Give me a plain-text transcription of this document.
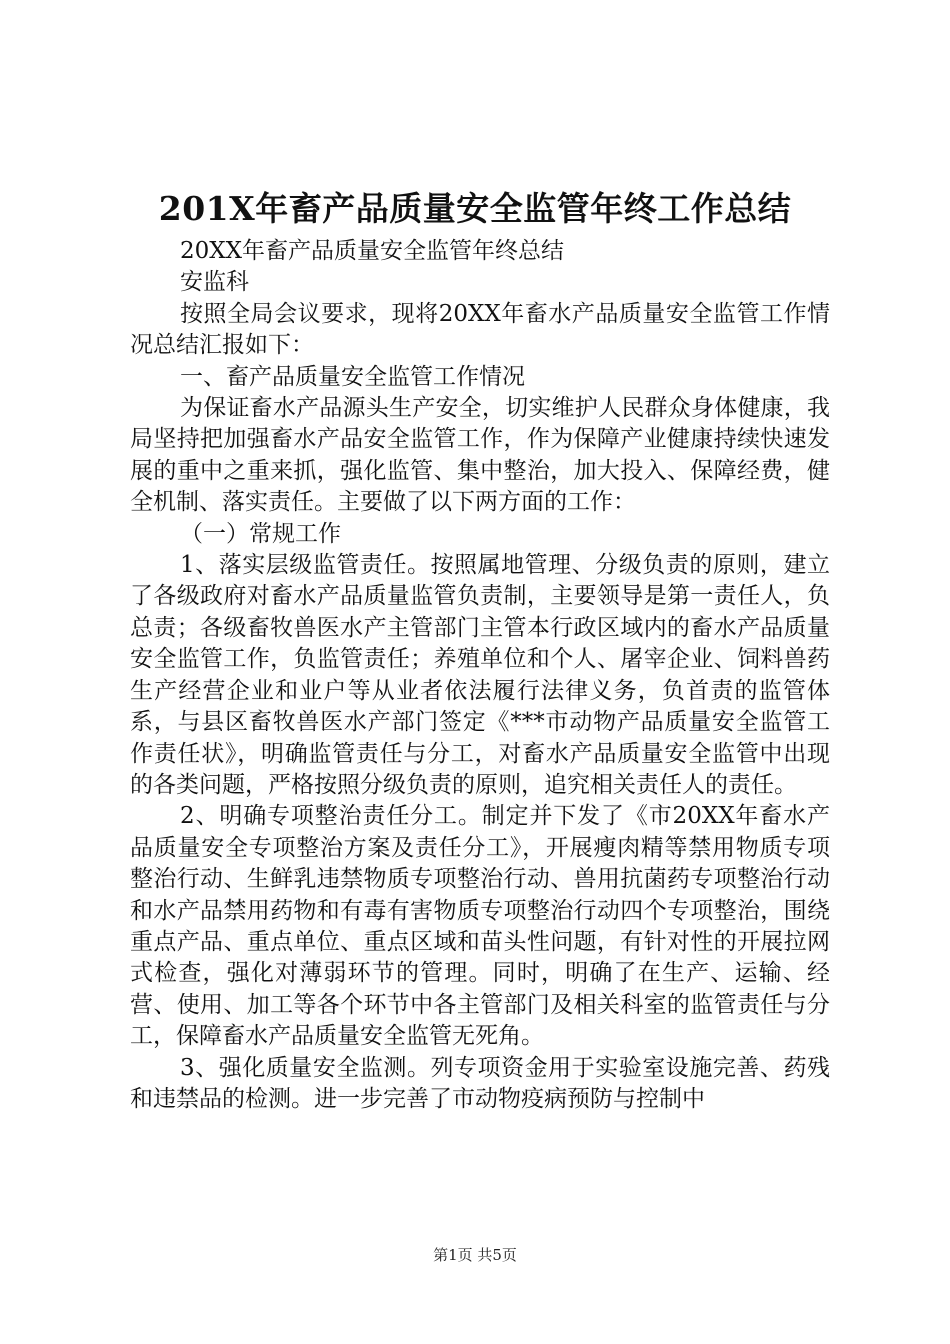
201X年畜产品质量安全监管年终工作总结

20XX年畜产品质量安全监管年终总结

安监科

按照全局会议要求，现将20XX年畜水产品质量安全监管工作情况总结汇报如下：

一、畜产品质量安全监管工作情况

为保证畜水产品源头生产安全，切实维护人民群众身体健康，我局坚持把加强畜水产品安全监管工作，作为保障产业健康持续快速发展的重中之重来抓，强化监管、集中整治，加大投入、保障经费，健全机制、落实责任。主要做了以下两方面的工作：

（一）常规工作

1、落实层级监管责任。按照属地管理、分级负责的原则，建立了各级政府对畜水产品质量监管负责制，主要领导是第一责任人，负总责；各级畜牧兽医水产主管部门主管本行政区域内的畜水产品质量安全监管工作，负监管责任；养殖单位和个人、屠宰企业、饲料兽药生产经营企业和业户等从业者依法履行法律义务，负首责的监管体系，与县区畜牧兽医水产部门签定《***市动物产品质量安全监管工作责任状》，明确监管责任与分工，对畜水产品质量安全监管中出现的各类问题，严格按照分级负责的原则，追究相关责任人的责任。

2、明确专项整治责任分工。制定并下发了《市20XX年畜水产品质量安全专项整治方案及责任分工》，开展瘦肉精等禁用物质专项整治行动、生鲜乳违禁物质专项整治行动、兽用抗菌药专项整治行动和水产品禁用药物和有毒有害物质专项整治行动四个专项整治，围绕重点产品、重点单位、重点区域和苗头性问题，有针对性的开展拉网式检查，强化对薄弱环节的管理。同时，明确了在生产、运输、经营、使用、加工等各个环节中各主管部门及相关科室的监管责任与分工，保障畜水产品质量安全监管无死角。

3、强化质量安全监测。列专项资金用于实验室设施完善、药残和违禁品的检测。进一步完善了市动物疫病预防与控制中

第1页 共5页
